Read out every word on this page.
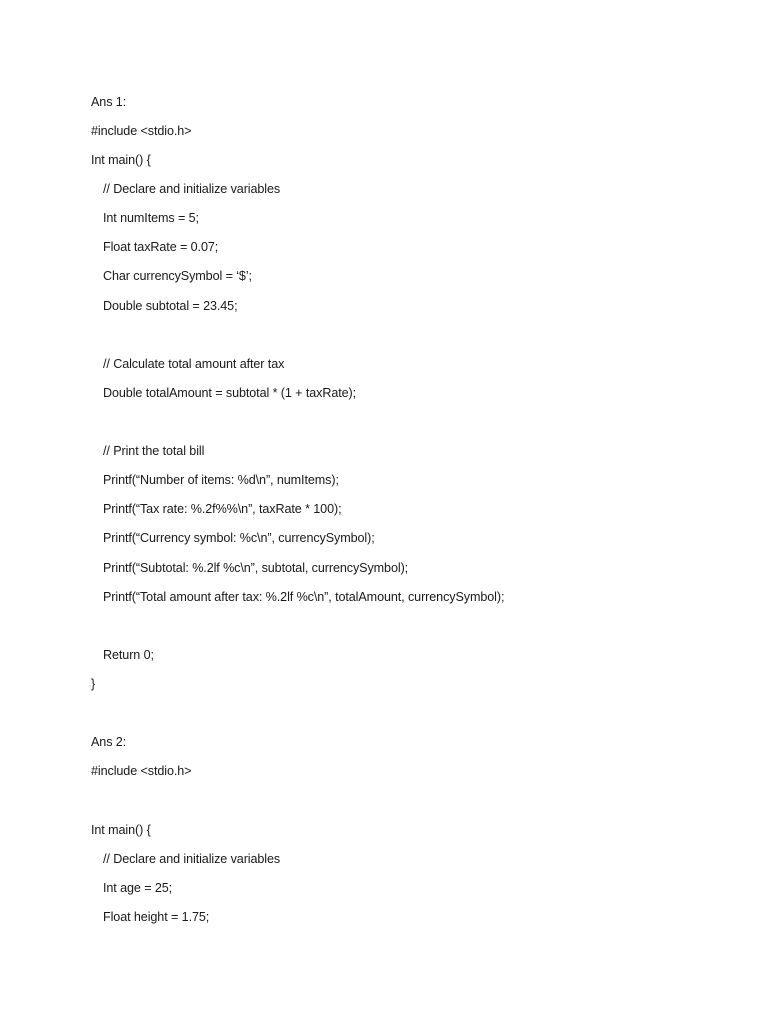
Ans 1:
#include <stdio.h>
Int main() {
// Declare and initialize variables
Int numItems = 5;
Float taxRate = 0.07;
Char currencySymbol = ‘$’;
Double subtotal = 23.45;
// Calculate total amount after tax
Double totalAmount = subtotal * (1 + taxRate);
// Print the total bill
Printf(“Number of items: %d\n”, numItems);
Printf(“Tax rate: %.2f%%\n”, taxRate * 100);
Printf(“Currency symbol: %c\n”, currencySymbol);
Printf(“Subtotal: %.2lf %c\n”, subtotal, currencySymbol);
Printf(“Total amount after tax: %.2lf %c\n”, totalAmount, currencySymbol);
Return 0;
}
Ans 2:
#include <stdio.h>
Int main() {
// Declare and initialize variables
Int age = 25;
Float height = 1.75;
